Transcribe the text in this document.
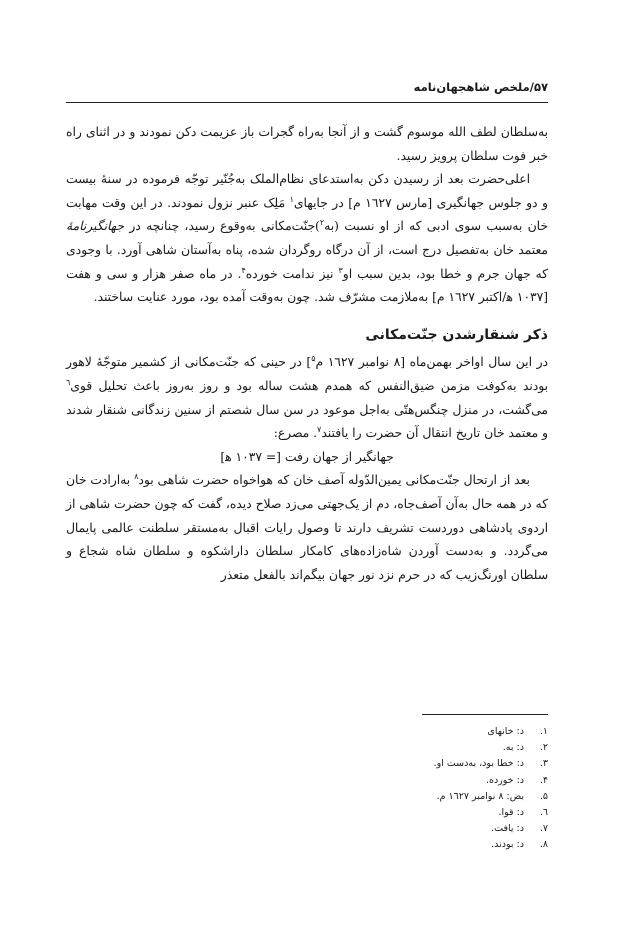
۵۷/ملخص شاهجهان‌نامه

به‌سلطان لطف الله موسوم گشت و از آنجا به‌راه گجرات باز عزیمت دکن نمودند و در اثنای راه خبر فوت سلطان پرویز رسید.

اعلی‌حضرت بعد از رسیدن دکن به‌استدعای نظام‌الملک به‌جُنّیر توجّه فرموده در سنۀ بیست و دو جلوس جهانگیری [مارس ۱٦۲۷ م] در جایهای$^۱$ مَلِک عنبر نزول نمودند. در این وقت مهابت خان به‌سبب سوی ادبی که از او نسبت (به$^۲$)جنّت‌مکانی به‌وقوع رسید، چنانچه در جهانگیرنامۀ معتمد خان به‌تفصیل درج است، از آن درگاه روگردان شده، پناه به‌آستان شاهی آورد. با وجودی که جهان جرم و خطا بود، بدین سبب او$^۳$ نیز ندامت خورده$^۴$. در ماه صفر هزار و سی و هفت [۱۰۳۷ ﻫ/اکتبر ۱٦۲۷ م] به‌ملازمت مشرّف شد. چون به‌وقت آمده بود، مورد عنایت ساختند.

ذکر شنقارشدن جنّت‌مکانی

در این سال اواخر بهمن‌ماه [۸ نوامبر ۱٦۲۷ م$^۵$] در حینی که جنّت‌مکانی از کشمیر متوجّهٔ لاهور بودند به‌کوفت مزمن ضیق‌النفس که همدم هشت ساله بود و روز به‌روز باعث تحلیل قوی$^٦$ می‌گشت، در منزل چنگس‌هتّی به‌اجل موعود در سن سال شصتم از سنین زندگانی شنقار شدند و معتمد خان تاریخ انتقال آن حضرت را یافتند$^۷$. مصرع:

جهانگیر از جهان رفت [= ۱۰۳۷ ﻫ]

بعد از ارتحال جنّت‌مکانی یمین‌الدّوله آصف خان که هواخواه حضرت شاهی بود$^۸$ به‌ارادت خان که در همه حال به‌آن آصف‌جاه، دم از یک‌جهتی می‌زد صلاح دیده، گفت که چون حضرت شاهی از اردوی پادشاهی دوردست تشریف دارند تا وصول رایات اقبال به‌مستقر سلطنت عالمی پایمال می‌گردد. و به‌دست آوردن شاه‌زاده‌های کامکار سلطان داراشکوه و سلطان شاه شجاع و سلطان اورنگ‌زیب که در حرم نزد نور جهان بیگم‌اند بالفعل متعذر

۱.د: خانهای
۲.د: به.
۳.د: خطا بود، به‌دست او.
۴.د: خورده.
۵.بض: ۸ نوامبر ۱٦۲۷ م.
٦.د: قوا.
۷.د: یافت.
۸.د: بودند.
